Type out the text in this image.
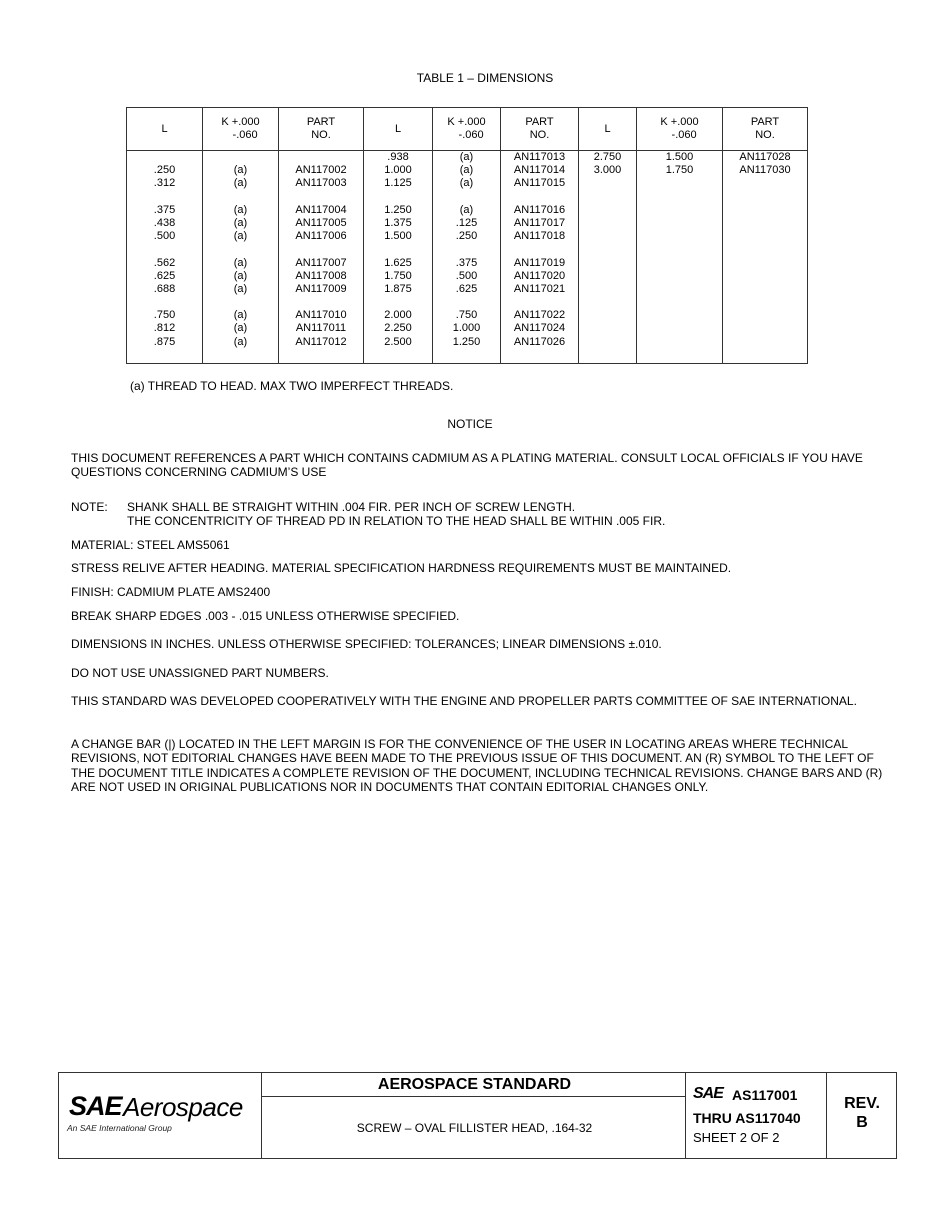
TABLE 1 – DIMENSIONS
L
K +.000
-.060
PART
NO.
L
K +.000
-.060
PART
NO.
L
K +.000
-.060
PART
NO.
.250
.312
.375
.438
.500
.562
.625
.688
.750
.812
.875
(a)
(a)
(a)
(a)
(a)
(a)
(a)
(a)
(a)
(a)
(a)
AN117002
AN117003
AN117004
AN117005
AN117006
AN117007
AN117008
AN117009
AN117010
AN117011
AN117012
.938
1.000
1.125
1.250
1.375
1.500
1.625
1.750
1.875
2.000
2.250
2.500
(a)
(a)
(a)
(a)
.125
.250
.375
.500
.625
.750
1.000
1.250
AN117013
AN117014
AN117015
AN117016
AN117017
AN117018
AN117019
AN117020
AN117021
AN117022
AN117024
AN117026
2.750
3.000
1.500
1.750
AN117028
AN117030
(a) THREAD TO HEAD. MAX TWO IMPERFECT THREADS.
NOTICE
THIS DOCUMENT REFERENCES A PART WHICH CONTAINS CADMIUM AS A PLATING MATERIAL. CONSULT LOCAL OFFICIALS IF YOU HAVE QUESTIONS CONCERNING CADMIUM’S USE
NOTE: SHANK SHALL BE STRAIGHT WITHIN .004 FIR. PER INCH OF SCREW LENGTH.
THE CONCENTRICITY OF THREAD PD IN RELATION TO THE HEAD SHALL BE WITHIN .005 FIR.
MATERIAL: STEEL AMS5061
STRESS RELIVE AFTER HEADING. MATERIAL SPECIFICATION HARDNESS REQUIREMENTS MUST BE MAINTAINED.
FINISH: CADMIUM PLATE AMS2400
BREAK SHARP EDGES .003 - .015 UNLESS OTHERWISE SPECIFIED.
DIMENSIONS IN INCHES. UNLESS OTHERWISE SPECIFIED: TOLERANCES; LINEAR DIMENSIONS ±.010.
DO NOT USE UNASSIGNED PART NUMBERS.
THIS STANDARD WAS DEVELOPED COOPERATIVELY WITH THE ENGINE AND PROPELLER PARTS COMMITTEE OF SAE INTERNATIONAL.
A CHANGE BAR (|) LOCATED IN THE LEFT MARGIN IS FOR THE CONVENIENCE OF THE USER IN LOCATING AREAS WHERE TECHNICAL REVISIONS, NOT EDITORIAL CHANGES HAVE BEEN MADE TO THE PREVIOUS ISSUE OF THIS DOCUMENT. AN (R) SYMBOL TO THE LEFT OF THE DOCUMENT TITLE INDICATES A COMPLETE REVISION OF THE DOCUMENT, INCLUDING TECHNICAL REVISIONS. CHANGE BARS AND (R) ARE NOT USED IN ORIGINAL PUBLICATIONS NOR IN DOCUMENTS THAT CONTAIN EDITORIAL CHANGES ONLY.
SAE Aerospace
An SAE International Group
AEROSPACE STANDARD
SCREW – OVAL FILLISTER HEAD, .164-32
SAE AS117001
THRU AS117040
SHEET 2 OF 2
REV.
B
